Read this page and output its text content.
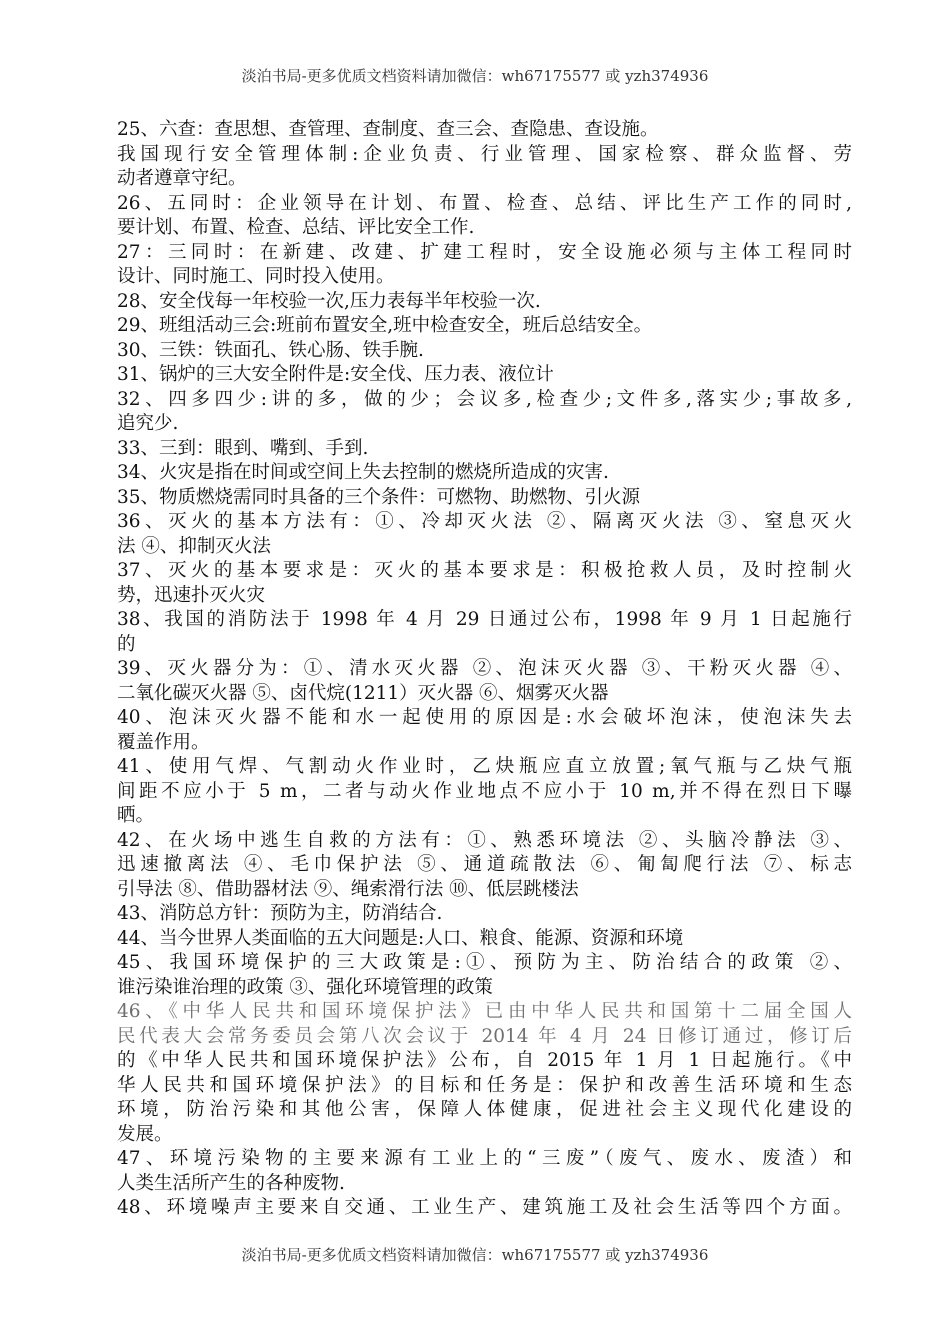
淡泊书局-更多优质文档资料请加微信：wh67175577 或 yzh374936
25、六查：查思想、查管理、查制度、查三会、查隐患、查设施。
我国现行安全管理体制:企业负责、行业管理、国家检察、群众监督、劳
动者遵章守纪。
26、五同时：企业领导在计划、布置、检查、总结、评比生产工作的同时,
要计划、布置、检查、总结、评比安全工作.
27：三同时：在新建、改建、扩建工程时，安全设施必须与主体工程同时
设计、同时施工、同时投入使用。
28、安全伐每一年校验一次,压力表每半年校验一次.
29、班组活动三会:班前布置安全,班中检查安全，班后总结安全。
30、三铁：铁面孔、铁心肠、铁手腕.
31、锅炉的三大安全附件是:安全伐、压力表、液位计
32、四多四少:讲的多，做的少；会议多,检查少;文件多,落实少;事故多,
追究少.
33、三到：眼到、嘴到、手到.
34、火灾是指在时间或空间上失去控制的燃烧所造成的灾害.
35、物质燃烧需同时具备的三个条件：可燃物、助燃物、引火源
36、灭火的基本方法有：①、冷却灭火法 ②、隔离灭火法 ③、窒息灭火
法 ④、抑制灭火法
37、灭火的基本要求是：灭火的基本要求是：积极抢救人员，及时控制火
势，迅速扑灭火灾
38、我国的消防法于 1998 年 4 月 29 日通过公布，1998 年 9 月 1 日起施行
的
39、灭火器分为：①、清水灭火器 ②、泡沫灭火器 ③、干粉灭火器 ④、
二氧化碳灭火器 ⑤、卤代烷(1211）灭火器 ⑥、烟雾灭火器
40、泡沫灭火器不能和水一起使用的原因是:水会破坏泡沫，使泡沫失去
覆盖作用。
41、使用气焊、气割动火作业时，乙炔瓶应直立放置;氧气瓶与乙炔气瓶
间距不应小于 5 m，二者与动火作业地点不应小于 10 m,并不得在烈日下曝
晒。
42、在火场中逃生自救的方法有：①、熟悉环境法 ②、头脑冷静法 ③、
迅速撤离法 ④、毛巾保护法 ⑤、通道疏散法 ⑥、匍匐爬行法 ⑦、标志
引导法 ⑧、借助器材法 ⑨、绳索滑行法 ⑩、低层跳楼法
43、消防总方针：预防为主，防消结合.
44、当今世界人类面临的五大问题是:人口、粮食、能源、资源和环境
45、我国环境保护的三大政策是:①、预防为主、防治结合的政策 ②、
谁污染谁治理的政策 ③、强化环境管理的政策
46、《中华人民共和国环境保护法》已由中华人民共和国第十二届全国人
民代表大会常务委员会第八次会议于 2014 年 4 月 24 日修订通过，修订后
的《中华人民共和国环境保护法》公布，自 2015 年 1 月 1 日起施行。《中
华人民共和国环境保护法》的目标和任务是：保护和改善生活环境和生态
环境，防治污染和其他公害，保障人体健康，促进社会主义现代化建设的
发展。
47、环境污染物的主要来源有工业上的“三废”（废气、废水、废渣）和
人类生活所产生的各种废物.
48、环境噪声主要来自交通、工业生产、建筑施工及社会生活等四个方面。
淡泊书局-更多优质文档资料请加微信：wh67175577 或 yzh374936
